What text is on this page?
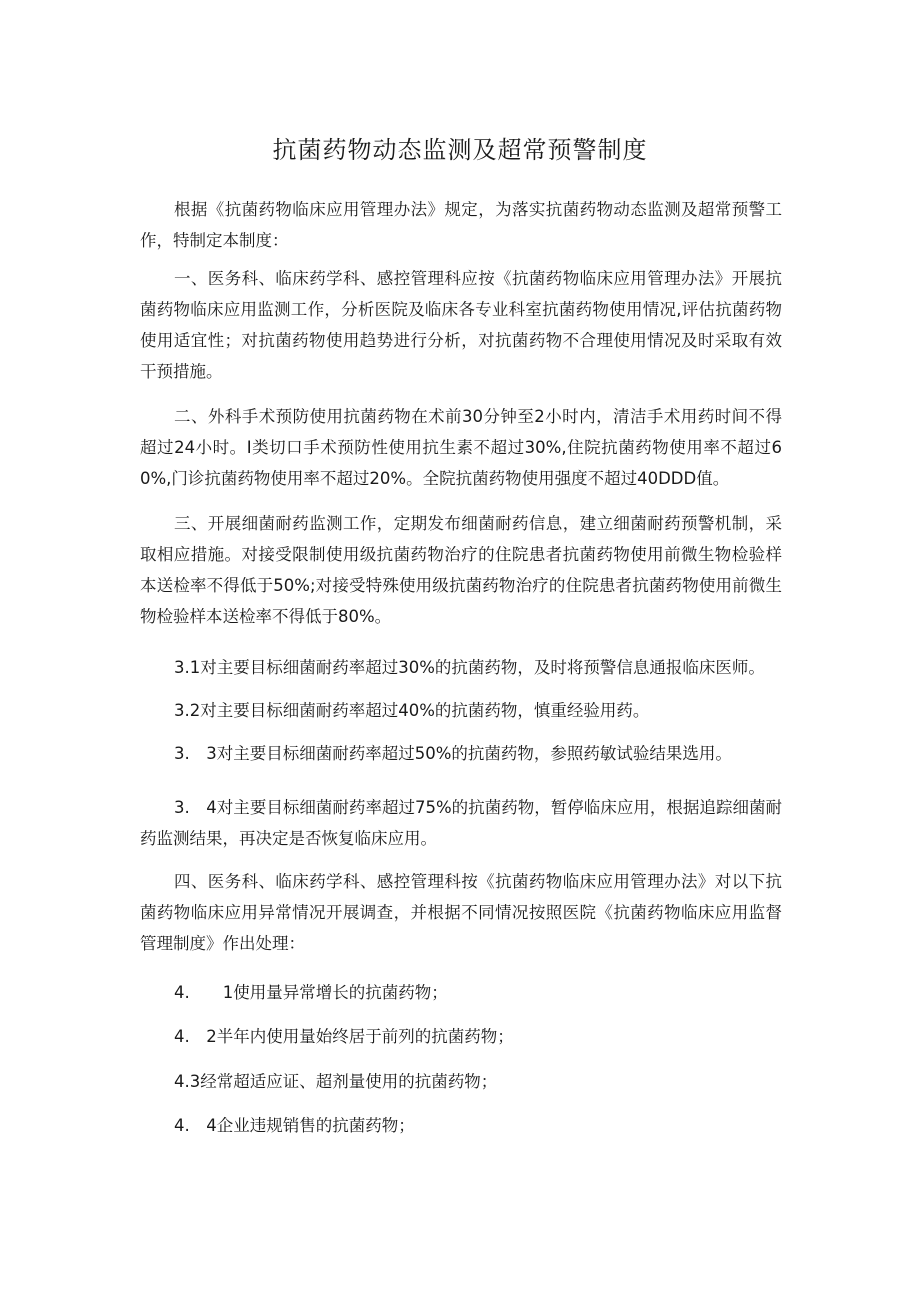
抗菌药物动态监测及超常预警制度

根据《抗菌药物临床应用管理办法》规定，为落实抗菌药物动态监测及超常预警工作，特制定本制度：

一、医务科、临床药学科、感控管理科应按《抗菌药物临床应用管理办法》开展抗菌药物临床应用监测工作，分析医院及临床各专业科室抗菌药物使用情况,评估抗菌药物使用适宜性；对抗菌药物使用趋势进行分析，对抗菌药物不合理使用情况及时采取有效干预措施。

二、外科手术预防使用抗菌药物在术前30分钟至2小时内，清洁手术用药时间不得超过24小时。I类切口手术预防性使用抗生素不超过30%,住院抗菌药物使用率不超过60%,门诊抗菌药物使用率不超过20%。全院抗菌药物使用强度不超过40DDD值。

三、开展细菌耐药监测工作，定期发布细菌耐药信息，建立细菌耐药预警机制，采取相应措施。对接受限制使用级抗菌药物治疗的住院患者抗菌药物使用前微生物检验样本送检率不得低于50%;对接受特殊使用级抗菌药物治疗的住院患者抗菌药物使用前微生物检验样本送检率不得低于80%。

3.1对主要目标细菌耐药率超过30%的抗菌药物，及时将预警信息通报临床医师。

3.2对主要目标细菌耐药率超过40%的抗菌药物，慎重经验用药。

3.　3对主要目标细菌耐药率超过50%的抗菌药物，参照药敏试验结果选用。

3.　4对主要目标细菌耐药率超过75%的抗菌药物，暂停临床应用，根据追踪细菌耐药监测结果，再决定是否恢复临床应用。

四、医务科、临床药学科、感控管理科按《抗菌药物临床应用管理办法》对以下抗菌药物临床应用异常情况开展调查，并根据不同情况按照医院《抗菌药物临床应用监督管理制度》作出处理：

4.　　1使用量异常增长的抗菌药物；

4.　2半年内使用量始终居于前列的抗菌药物；

4.3经常超适应证、超剂量使用的抗菌药物；

4.　4企业违规销售的抗菌药物；
